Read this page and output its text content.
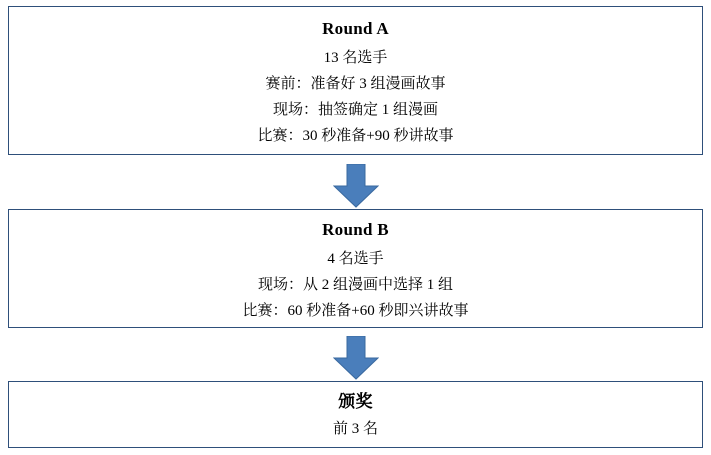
Round A
13 名选手
赛前：准备好 3 组漫画故事
现场：抽签确定 1 组漫画
比赛：30 秒准备+90 秒讲故事
Round B
4 名选手
现场：从 2 组漫画中选择 1 组
比赛：60 秒准备+60 秒即兴讲故事
颁奖
前 3 名
